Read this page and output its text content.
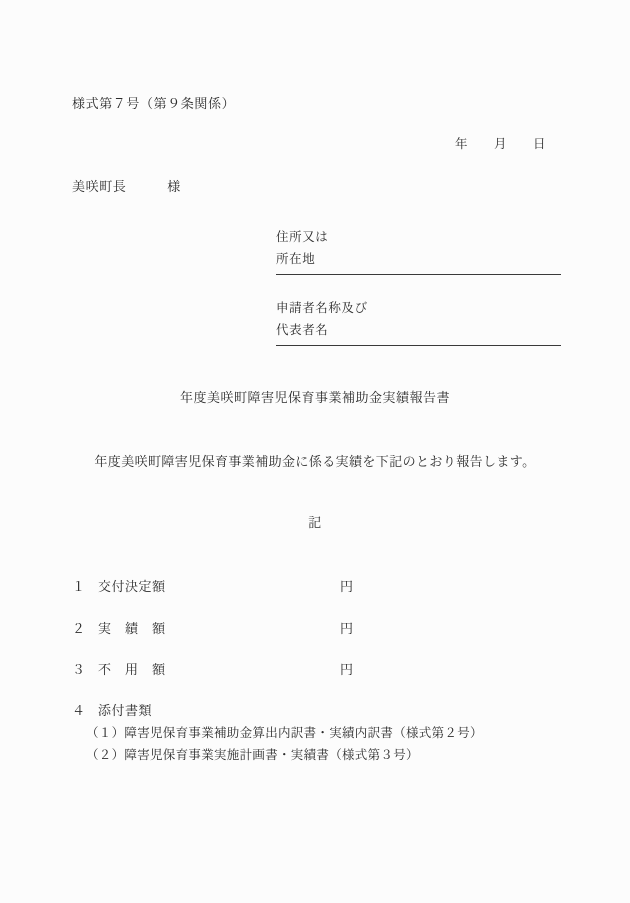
様式第７号（第９条関係）
年　　月　　日
美咲町長　　　様
住所又は
所在地
申請者名称及び
代表者名
年度美咲町障害児保育事業補助金実績報告書
年度美咲町障害児保育事業補助金に係る実績を下記のとおり報告します。
記
１ 交付決定額	円
２ 実　績　額	円
３ 不　用　額	円
４ 添付書類
（１）障害児保育事業補助金算出内訳書・実績内訳書（様式第２号）
（２）障害児保育事業実施計画書・実績書（様式第３号）
